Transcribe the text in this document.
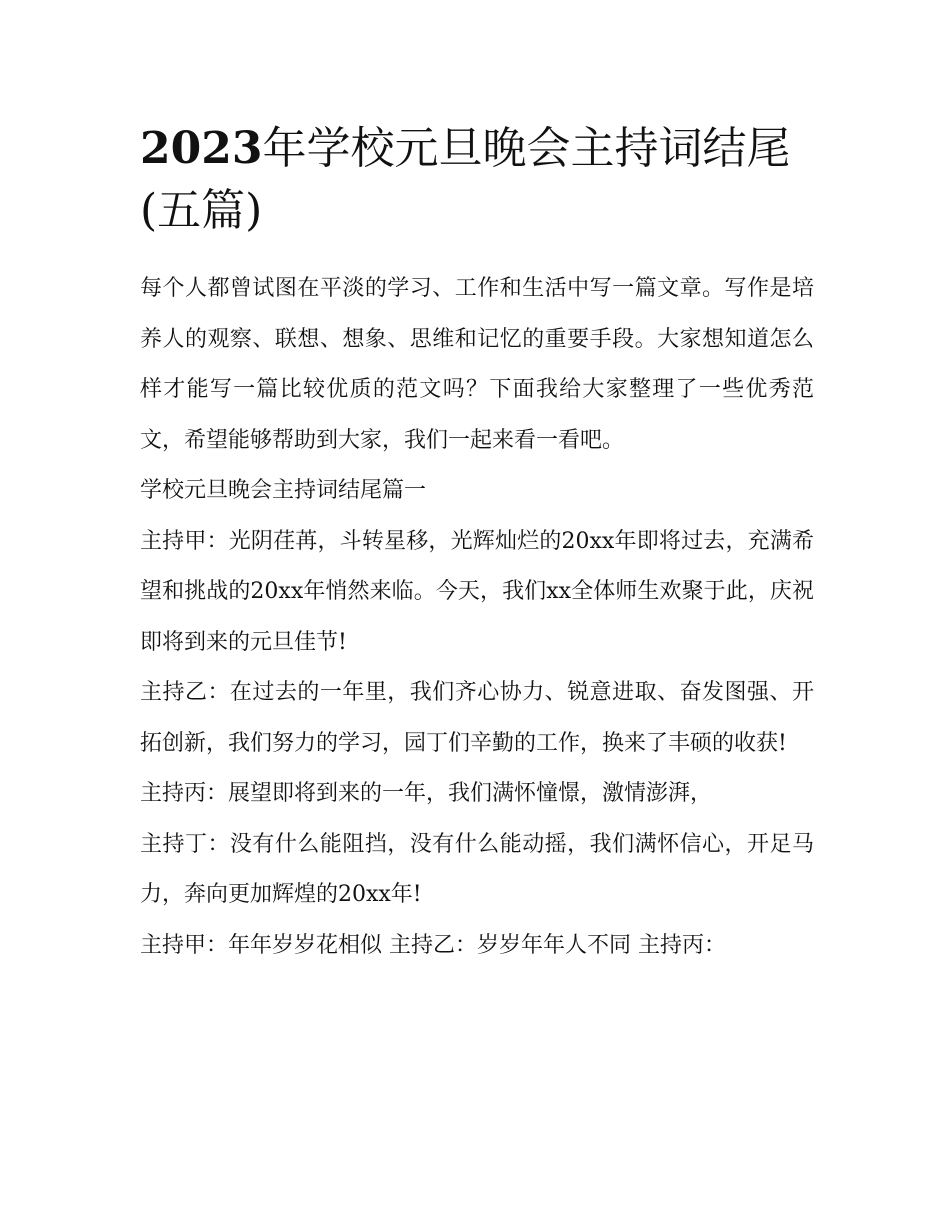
2023年学校元旦晚会主持词结尾(五篇)

每个人都曾试图在平淡的学习、工作和生活中写一篇文章。写作是培养人的观察、联想、想象、思维和记忆的重要手段。大家想知道怎么样才能写一篇比较优质的范文吗？下面我给大家整理了一些优秀范文，希望能够帮助到大家，我们一起来看一看吧。

学校元旦晚会主持词结尾篇一

主持甲：光阴荏苒，斗转星移，光辉灿烂的20xx年即将过去，充满希望和挑战的20xx年悄然来临。今天，我们xx全体师生欢聚于此，庆祝即将到来的元旦佳节!

主持乙：在过去的一年里，我们齐心协力、锐意进取、奋发图强、开拓创新，我们努力的学习，园丁们辛勤的工作，换来了丰硕的收获!

主持丙：展望即将到来的一年，我们满怀憧憬，激情澎湃，

主持丁：没有什么能阻挡，没有什么能动摇，我们满怀信心，开足马力，奔向更加辉煌的20xx年!

主持甲：年年岁岁花相似 主持乙：岁岁年年人不同 主持丙：
